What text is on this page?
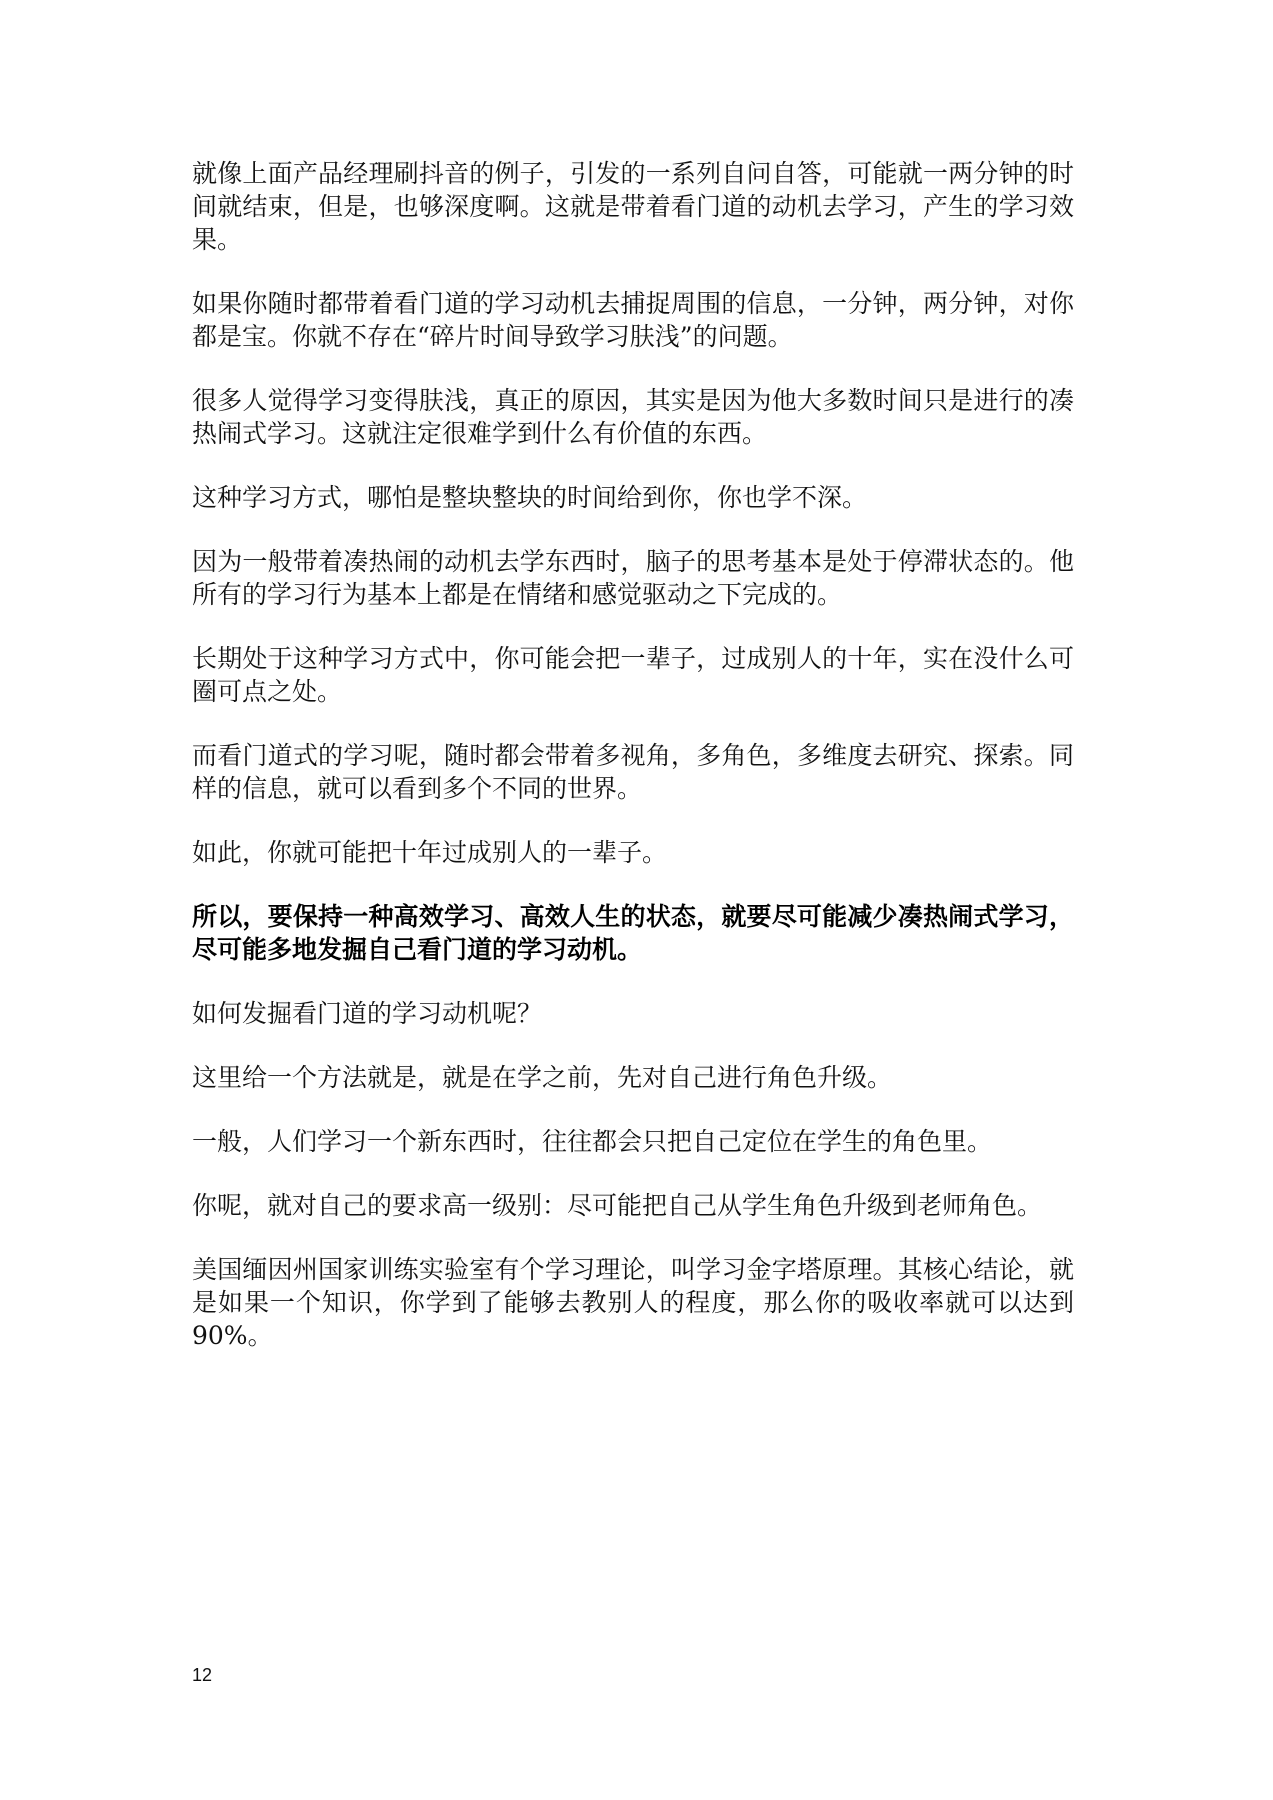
就像上面产品经理刷抖音的例子，引发的一系列自问自答，可能就一两分钟的时间就结束，但是，也够深度啊。这就是带着看门道的动机去学习，产生的学习效果。

如果你随时都带着看门道的学习动机去捕捉周围的信息，一分钟，两分钟，对你都是宝。你就不存在“碎片时间导致学习肤浅”的问题。

很多人觉得学习变得肤浅，真正的原因，其实是因为他大多数时间只是进行的凑热闹式学习。这就注定很难学到什么有价值的东西。

这种学习方式，哪怕是整块整块的时间给到你，你也学不深。

因为一般带着凑热闹的动机去学东西时，脑子的思考基本是处于停滞状态的。他所有的学习行为基本上都是在情绪和感觉驱动之下完成的。

长期处于这种学习方式中，你可能会把一辈子，过成别人的十年，实在没什么可圈可点之处。

而看门道式的学习呢，随时都会带着多视角，多角色，多维度去研究、探索。同样的信息，就可以看到多个不同的世界。

如此，你就可能把十年过成别人的一辈子。

所以，要保持一种高效学习、高效人生的状态，就要尽可能减少凑热闹式学习，尽可能多地发掘自己看门道的学习动机。

如何发掘看门道的学习动机呢？

这里给一个方法就是，就是在学之前，先对自己进行角色升级。

一般，人们学习一个新东西时，往往都会只把自己定位在学生的角色里。

你呢，就对自己的要求高一级别：尽可能把自己从学生角色升级到老师角色。

美国缅因州国家训练实验室有个学习理论，叫学习金字塔原理。其核心结论，就是如果一个知识，你学到了能够去教别人的程度，那么你的吸收率就可以达到90%。

12
